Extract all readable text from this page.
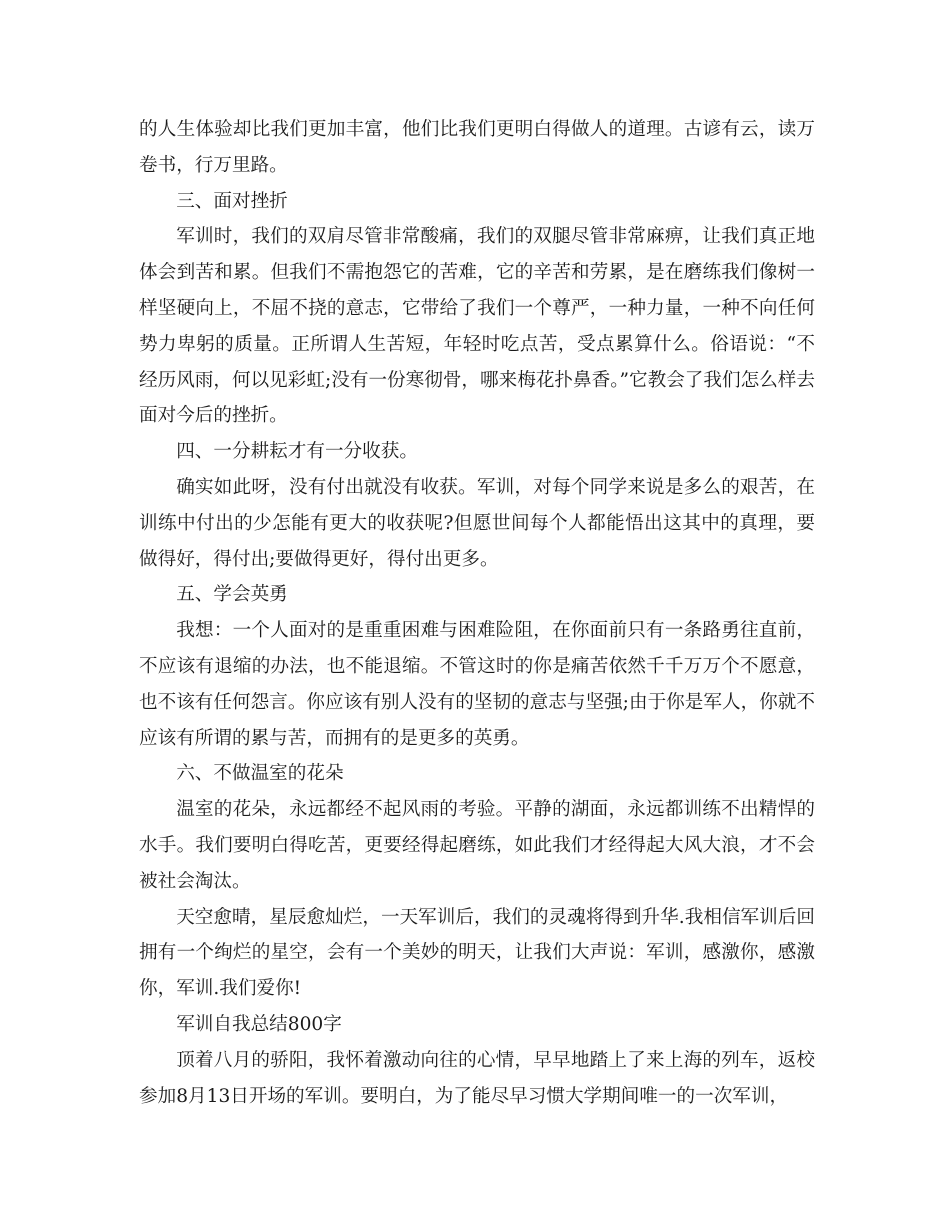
的人生体验却比我们更加丰富，他们比我们更明白得做人的道理。古谚有云，读万卷书，行万里路。

三、面对挫折

军训时，我们的双肩尽管非常酸痛，我们的双腿尽管非常麻痹，让我们真正地体会到苦和累。但我们不需抱怨它的苦难，它的辛苦和劳累，是在磨练我们像树一样坚硬向上，不屈不挠的意志，它带给了我们一个尊严，一种力量，一种不向任何势力卑躬的质量。正所谓人生苦短，年轻时吃点苦，受点累算什么。俗语说：“不经历风雨，何以见彩虹;没有一份寒彻骨，哪来梅花扑鼻香。”它教会了我们怎么样去面对今后的挫折。

四、一分耕耘才有一分收获。

确实如此呀，没有付出就没有收获。军训，对每个同学来说是多么的艰苦，在训练中付出的少怎能有更大的收获呢?但愿世间每个人都能悟出这其中的真理，要做得好，得付出;要做得更好，得付出更多。

五、学会英勇

我想：一个人面对的是重重困难与困难险阻，在你面前只有一条路勇往直前，不应该有退缩的办法，也不能退缩。不管这时的你是痛苦依然千千万万个不愿意，也不该有任何怨言。你应该有别人没有的坚韧的意志与坚强;由于你是军人，你就不应该有所谓的累与苦，而拥有的是更多的英勇。

六、不做温室的花朵

温室的花朵，永远都经不起风雨的考验。平静的湖面，永远都训练不出精悍的水手。我们要明白得吃苦，更要经得起磨练，如此我们才经得起大风大浪，才不会被社会淘汰。

天空愈晴，星辰愈灿烂，一天军训后，我们的灵魂将得到升华.我相信军训后回拥有一个绚烂的星空，会有一个美妙的明天，让我们大声说：军训，感激你，感激你，军训.我们爱你!

军训自我总结800字

顶着八月的骄阳，我怀着激动向往的心情，早早地踏上了来上海的列车，返校参加8月13日开场的军训。要明白，为了能尽早习惯大学期间唯一的一次军训，
